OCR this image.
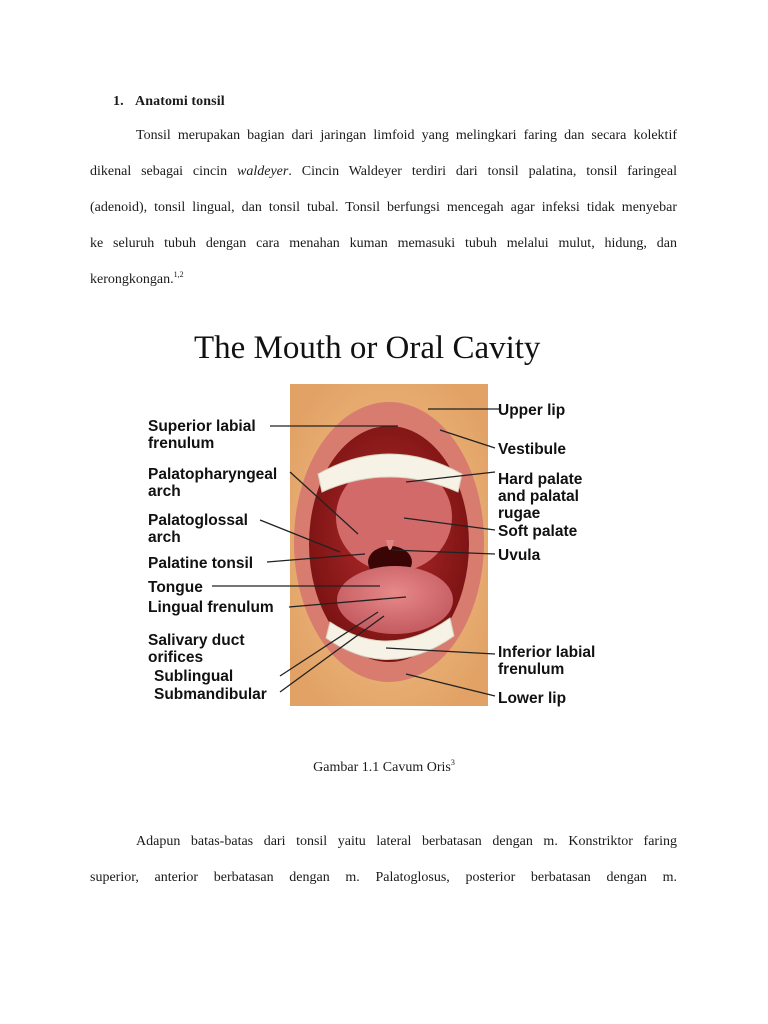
1. Anatomi tonsil
Tonsil merupakan bagian dari jaringan limfoid yang melingkari faring dan secara kolektif
dikenal sebagai cincin waldeyer. Cincin Waldeyer terdiri dari tonsil palatina, tonsil faringeal
(adenoid), tonsil lingual, dan tonsil tubal. Tonsil berfungsi mencegah agar infeksi tidak menyebar
ke seluruh tubuh dengan cara menahan kuman memasuki tubuh melalui mulut, hidung, dan
kerongkongan.$^{1,2}$
The Mouth or Oral Cavity
Superior labial
frenulum
Palatopharyngeal
arch
Palatoglossal
arch
Palatine tonsil
Tongue
Lingual frenulum
Salivary duct
orifices
Sublingual
Submandibular
Upper lip
Vestibule
Hard palate
and palatal
rugae
Soft palate
Uvula
Inferior labial
frenulum
Lower lip
Gambar 1.1 Cavum Oris$^3$
Adapun batas-batas dari tonsil yaitu lateral berbatasan dengan m. Konstriktor faring
superior, anterior berbatasan dengan m. Palatoglosus, posterior berbatasan dengan m.
